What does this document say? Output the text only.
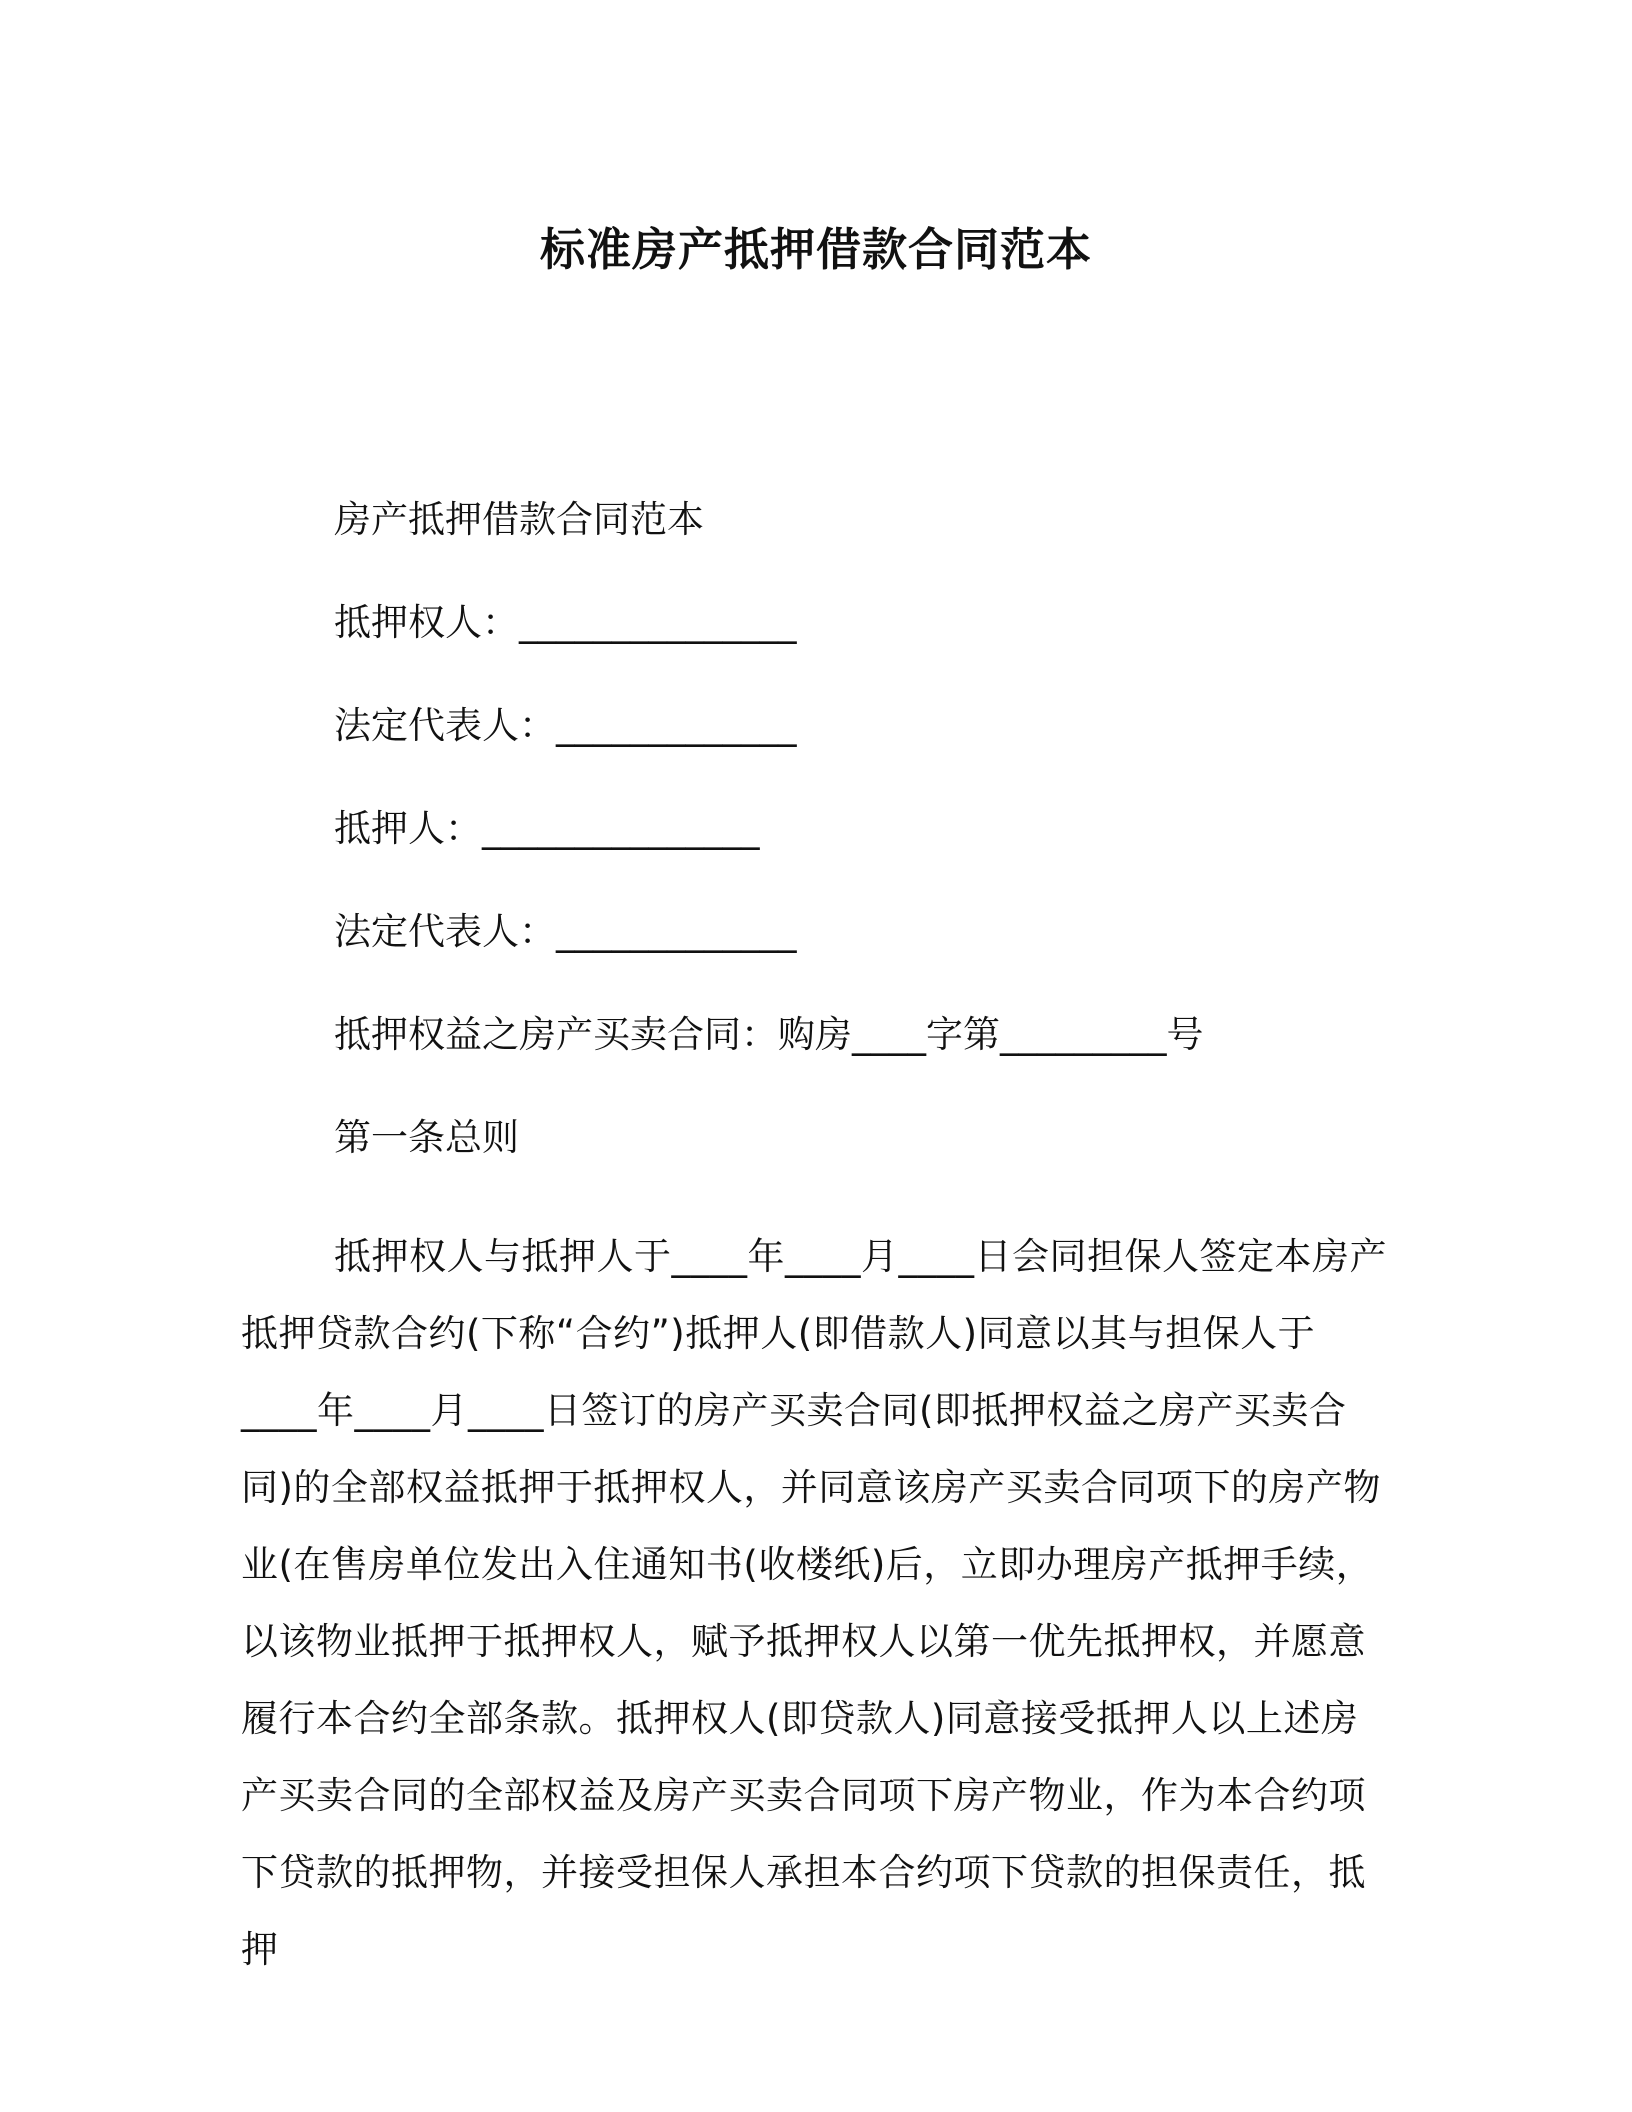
标准房产抵押借款合同范本

房产抵押借款合同范本

抵押权人：_______________

法定代表人：_____________

抵押人：_______________

法定代表人：_____________

抵押权益之房产买卖合同：购房____字第_________号

第一条总则

抵押权人与抵押人于____年____月____日会同担保人签定本房产抵押贷款合约(下称“合约”)抵押人(即借款人)同意以其与担保人于____年____月____日签订的房产买卖合同(即抵押权益之房产买卖合同)的全部权益抵押于抵押权人，并同意该房产买卖合同项下的房产物业(在售房单位发出入住通知书(收楼纸)后，立即办理房产抵押手续，以该物业抵押于抵押权人，赋予抵押权人以第一优先抵押权，并愿意履行本合约全部条款。抵押权人(即贷款人)同意接受抵押人以上述房产买卖合同的全部权益及房产买卖合同项下房产物业，作为本合约项下贷款的抵押物，并接受担保人承担本合约项下贷款的担保责任，抵押
